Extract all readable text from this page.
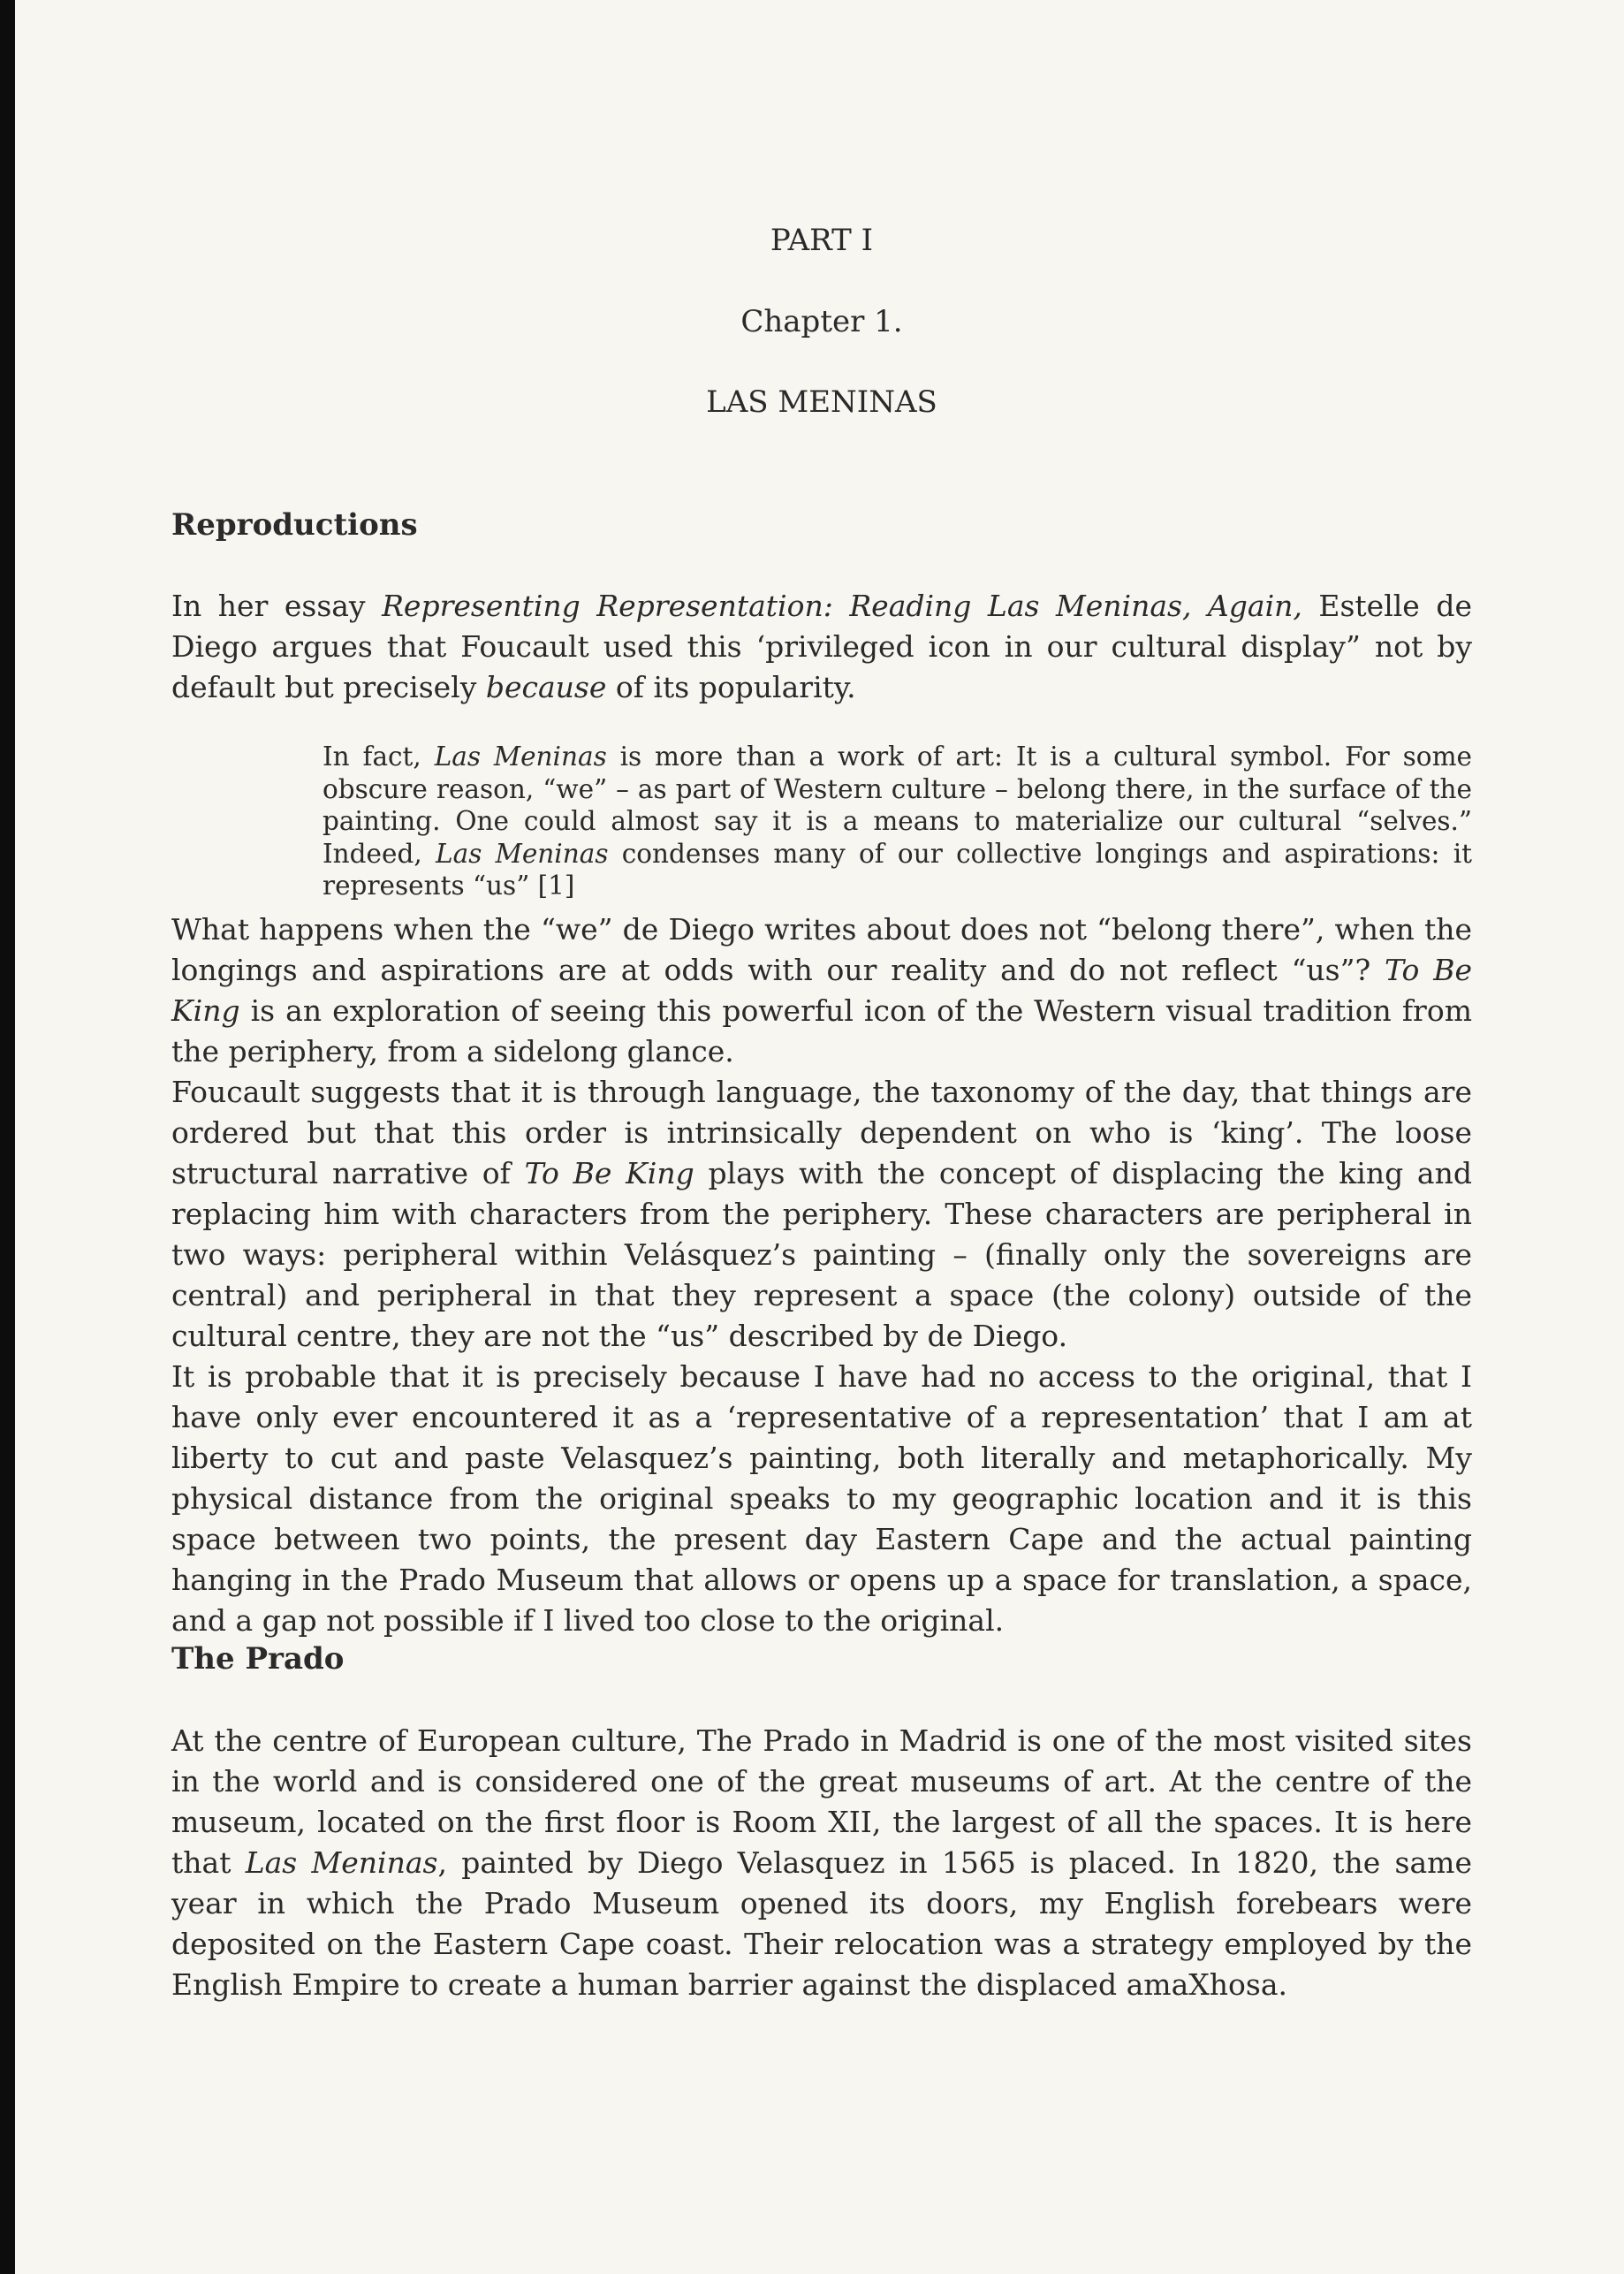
PART I
Chapter 1.
LAS MENINAS
Reproductions

In her essay Representing Representation: Reading Las Meninas, Again, Estelle de Diego argues that Foucault used this ‘privileged icon in our cultural display” not by default but precisely because of its popularity.

In fact, Las Meninas is more than a work of art: It is a cultural symbol. For some obscure reason, “we” – as part of Western culture – belong there, in the surface of the painting. One could almost say it is a means to materialize our cultural “selves.” Indeed, Las Meninas condenses many of our collective longings and aspirations: it represents “us” [1]

What happens when the “we” de Diego writes about does not “belong there”, when the longings and aspirations are at odds with our reality and do not reflect “us”? To Be King is an exploration of seeing this powerful icon of the Western visual tradition from the periphery, from a sidelong glance.

Foucault suggests that it is through language, the taxonomy of the day, that things are ordered but that this order is intrinsically dependent on who is ‘king’. The loose structural narrative of To Be King plays with the concept of displacing the king and replacing him with characters from the periphery. These characters are peripheral in two ways: peripheral within Velásquez’s painting – (finally only the sovereigns are central) and peripheral in that they represent a space (the colony) outside of the cultural centre, they are not the “us” described by de Diego.

It is probable that it is precisely because I have had no access to the original, that I have only ever encountered it as a ‘representative of a representation’ that I am at liberty to cut and paste Velasquez’s painting, both literally and metaphorically. My physical distance from the original speaks to my geographic location and it is this space between two points, the present day Eastern Cape and the actual painting hanging in the Prado Museum that allows or opens up a space for translation, a space, and a gap not possible if I lived too close to the original.

The Prado

At the centre of European culture, The Prado in Madrid is one of the most visited sites in the world and is considered one of the great museums of art. At the centre of the museum, located on the first floor is Room XII, the largest of all the spaces. It is here that Las Meninas, painted by Diego Velasquez in 1565 is placed. In 1820, the same year in which the Prado Museum opened its doors, my English forebears were deposited on the Eastern Cape coast. Their relocation was a strategy employed by the English Empire to create a human barrier against the displaced amaXhosa.
